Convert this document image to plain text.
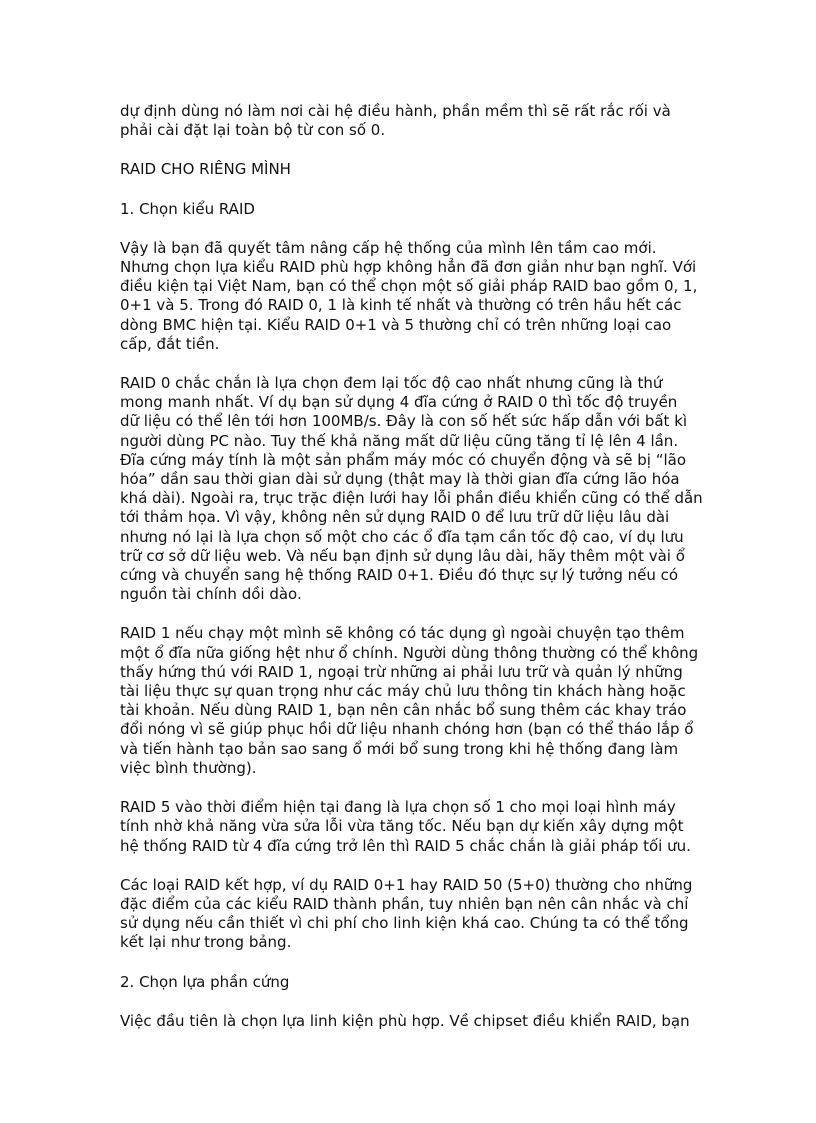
dự định dùng nó làm nơi cài hệ điều hành, phần mềm thì sẽ rất rắc rối và
phải cài đặt lại toàn bộ từ con số 0.

RAID CHO RIÊNG MÌNH

1. Chọn kiểu RAID

Vậy là bạn đã quyết tâm nâng cấp hệ thống của mình lên tầm cao mới.
Nhưng chọn lựa kiểu RAID phù hợp không hẳn đã đơn giản như bạn nghĩ. Với
điều kiện tại Việt Nam, bạn có thể chọn một số giải pháp RAID bao gồm 0, 1,
0+1 và 5. Trong đó RAID 0, 1 là kinh tế nhất và thường có trên hầu hết các
dòng BMC hiện tại. Kiểu RAID 0+1 và 5 thường chỉ có trên những loại cao
cấp, đắt tiền.

RAID 0 chắc chắn là lựa chọn đem lại tốc độ cao nhất nhưng cũng là thứ
mong manh nhất. Ví dụ bạn sử dụng 4 đĩa cứng ở RAID 0 thì tốc độ truyền
dữ liệu có thể lên tới hơn 100MB/s. Đây là con số hết sức hấp dẫn với bất kì
người dùng PC nào. Tuy thế khả năng mất dữ liệu cũng tăng tỉ lệ lên 4 lần.
Đĩa cứng máy tính là một sản phẩm máy móc có chuyển động và sẽ bị “lão
hóa” dần sau thời gian dài sử dụng (thật may là thời gian đĩa cứng lão hóa
khá dài). Ngoài ra, trục trặc điện lưới hay lỗi phần điều khiển cũng có thể dẫn
tới thảm họa. Vì vậy, không nên sử dụng RAID 0 để lưu trữ dữ liệu lâu dài
nhưng nó lại là lựa chọn số một cho các ổ đĩa tạm cần tốc độ cao, ví dụ lưu
trữ cơ sở dữ liệu web. Và nếu bạn định sử dụng lâu dài, hãy thêm một vài ổ
cứng và chuyển sang hệ thống RAID 0+1. Điều đó thực sự lý tưởng nếu có
nguồn tài chính dồi dào.

RAID 1 nếu chạy một mình sẽ không có tác dụng gì ngoài chuyện tạo thêm
một ổ đĩa nữa giống hệt như ổ chính. Người dùng thông thường có thể không
thấy hứng thú với RAID 1, ngoại trừ những ai phải lưu trữ và quản lý những
tài liệu thực sự quan trọng như các máy chủ lưu thông tin khách hàng hoặc
tài khoản. Nếu dùng RAID 1, bạn nên cân nhắc bổ sung thêm các khay tráo
đổi nóng vì sẽ giúp phục hồi dữ liệu nhanh chóng hơn (bạn có thể tháo lắp ổ
và tiến hành tạo bản sao sang ổ mới bổ sung trong khi hệ thống đang làm
việc bình thường).

RAID 5 vào thời điểm hiện tại đang là lựa chọn số 1 cho mọi loại hình máy
tính nhờ khả năng vừa sửa lỗi vừa tăng tốc. Nếu bạn dự kiến xây dựng một
hệ thống RAID từ 4 đĩa cứng trở lên thì RAID 5 chắc chắn là giải pháp tối ưu.

Các loại RAID kết hợp, ví dụ RAID 0+1 hay RAID 50 (5+0) thường cho những
đặc điểm của các kiểu RAID thành phần, tuy nhiên bạn nên cân nhắc và chỉ
sử dụng nếu cần thiết vì chi phí cho linh kiện khá cao. Chúng ta có thể tổng
kết lại như trong bảng.

2. Chọn lựa phần cứng

Việc đầu tiên là chọn lựa linh kiện phù hợp. Về chipset điều khiển RAID, bạn
